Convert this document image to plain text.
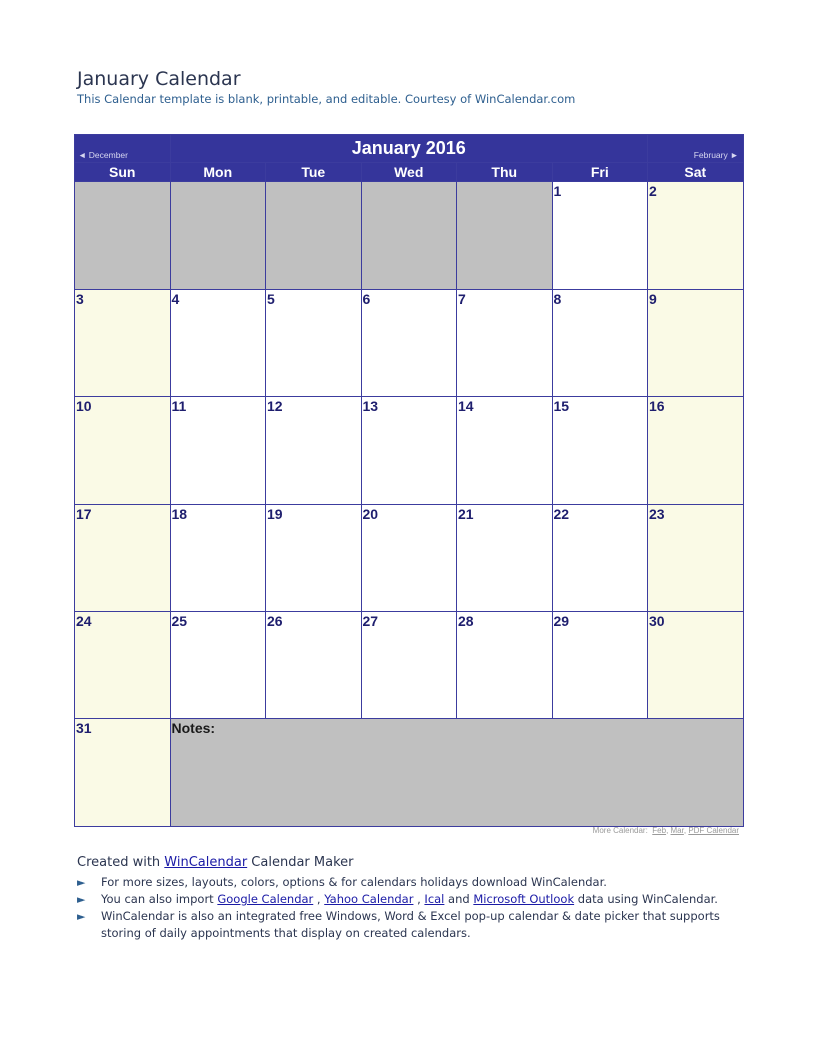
January Calendar
This Calendar template is blank, printable, and editable. Courtesy of WinCalendar.com
◄ December	January 2016					February ►
Sun	Mon	Tue	Wed	Thu	Fri	Sat

					1	2

3	4	5	6	7	8	9

10	11	12	13	14	15	16

17	18	19	20	21	22	23

24	25	26	27	28	29	30

31	Notes:					
More Calendar: Feb, Mar, PDF Calendar
Created with WinCalendar Calendar Maker
► For more sizes, layouts, colors, options & for calendars holidays download WinCalendar.
► You can also import Google Calendar , Yahoo Calendar , Ical and Microsoft Outlook data using WinCalendar.
► WinCalendar is also an integrated free Windows, Word & Excel pop-up calendar & date picker that supports storing of daily appointments that display on created calendars.
